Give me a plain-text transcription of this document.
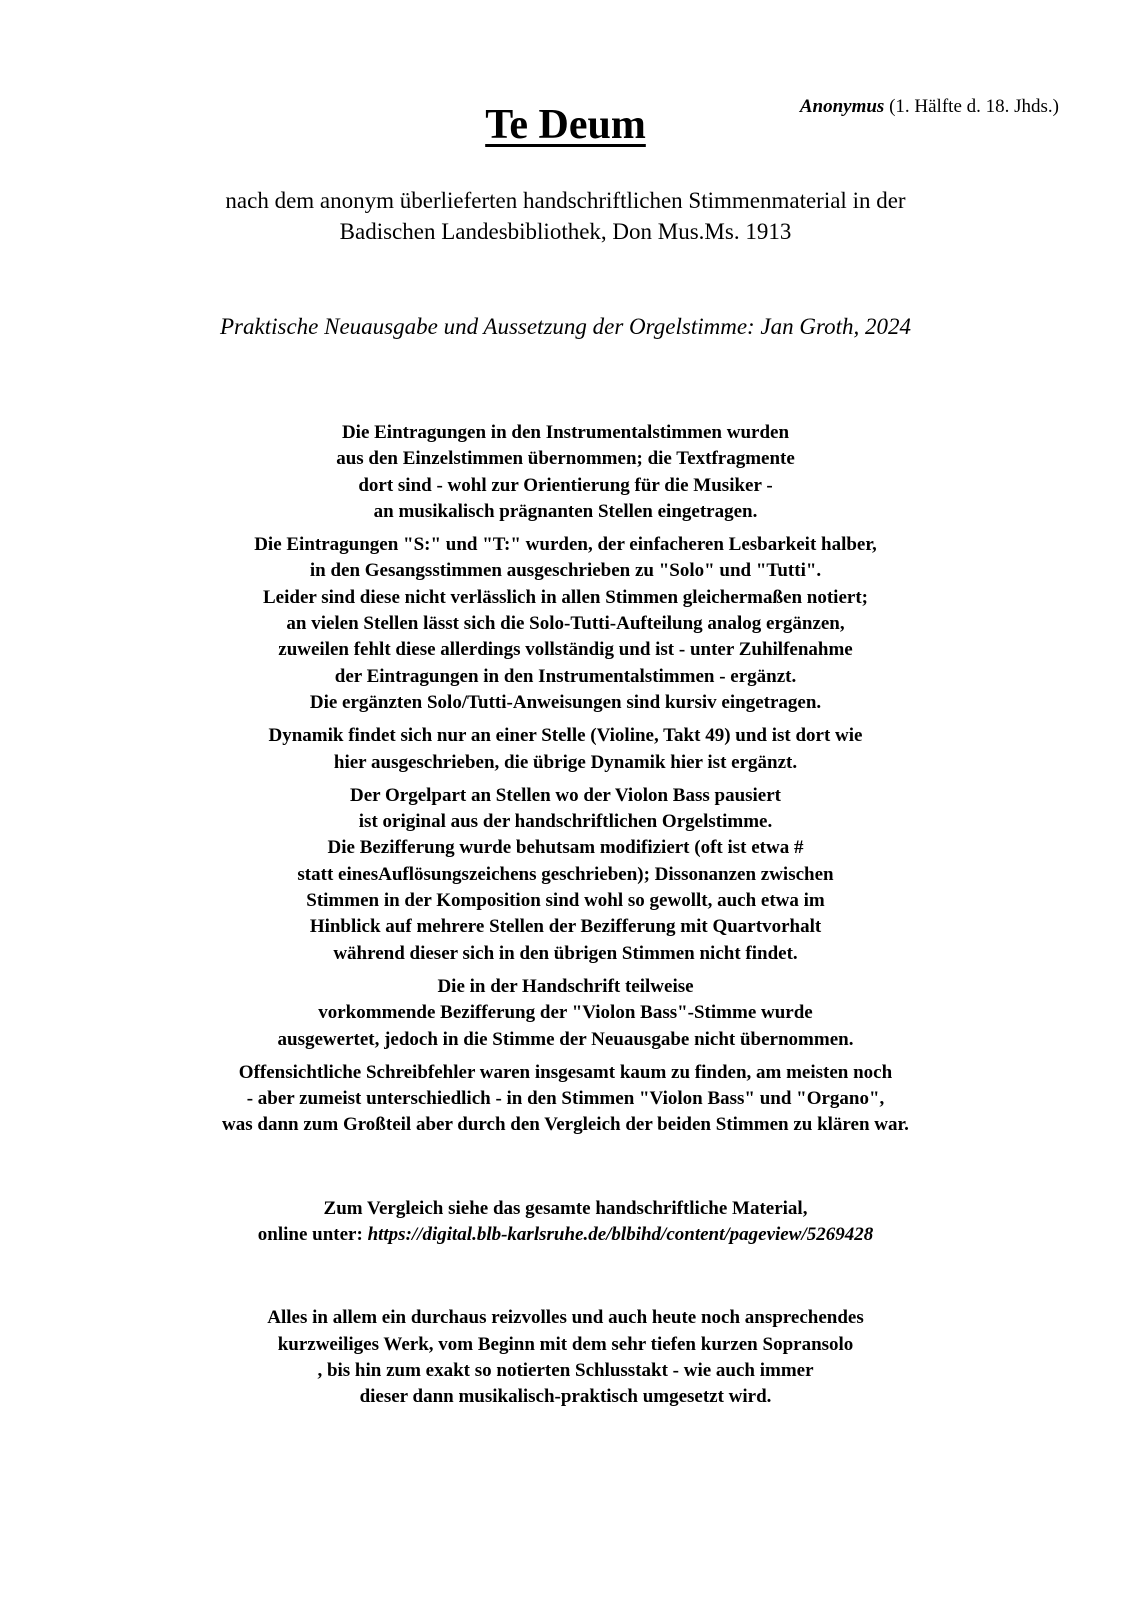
Anonymus (1. Hälfte d. 18. Jhds.)
Te Deum
nach dem anonym überlieferten handschriftlichen Stimmenmaterial in der
Badischen Landesbibliothek, Don Mus.Ms. 1913
Praktische Neuausgabe und Aussetzung der Orgelstimme: Jan Groth, 2024
Die Eintragungen in den Instrumentalstimmen wurden
aus den Einzelstimmen übernommen; die Textfragmente
dort sind - wohl zur Orientierung für die Musiker -
an musikalisch prägnanten Stellen eingetragen.
Die Eintragungen "S:" und "T:" wurden, der einfacheren Lesbarkeit halber,
in den Gesangsstimmen ausgeschrieben zu "Solo" und "Tutti".
Leider sind diese nicht verlässlich in allen Stimmen gleichermaßen notiert;
an vielen Stellen lässt sich die Solo-Tutti-Aufteilung analog ergänzen,
zuweilen fehlt diese allerdings vollständig und ist - unter Zuhilfenahme
der Eintragungen in den Instrumentalstimmen - ergänzt.
Die ergänzten Solo/Tutti-Anweisungen sind kursiv eingetragen.
Dynamik findet sich nur an einer Stelle (Violine, Takt 49) und ist dort wie
hier ausgeschrieben, die übrige Dynamik hier ist ergänzt.
Der Orgelpart an Stellen wo der Violon Bass pausiert
ist original aus der handschriftlichen Orgelstimme.
Die Bezifferung wurde behutsam modifiziert (oft ist etwa #
statt einesAuflösungszeichens geschrieben); Dissonanzen zwischen
Stimmen in der Komposition sind wohl so gewollt, auch etwa im
Hinblick auf mehrere Stellen der Bezifferung mit Quartvorhalt
während dieser sich in den übrigen Stimmen nicht findet.
Die in der Handschrift teilweise
vorkommende Bezifferung der "Violon Bass"-Stimme wurde
ausgewertet, jedoch in die Stimme der Neuausgabe nicht übernommen.
Offensichtliche Schreibfehler waren insgesamt kaum zu finden, am meisten noch
- aber zumeist unterschiedlich - in den Stimmen "Violon Bass" und "Organo",
was dann zum Großteil aber durch den Vergleich der beiden Stimmen zu klären war.
Zum Vergleich siehe das gesamte handschriftliche Material,
online unter: https://digital.blb-karlsruhe.de/blbihd/content/pageview/5269428
Alles in allem ein durchaus reizvolles und auch heute noch ansprechendes
kurzweiliges Werk, vom Beginn mit dem sehr tiefen kurzen Sopransolo
, bis hin zum exakt so notierten Schlusstakt - wie auch immer
dieser dann musikalisch-praktisch umgesetzt wird.
